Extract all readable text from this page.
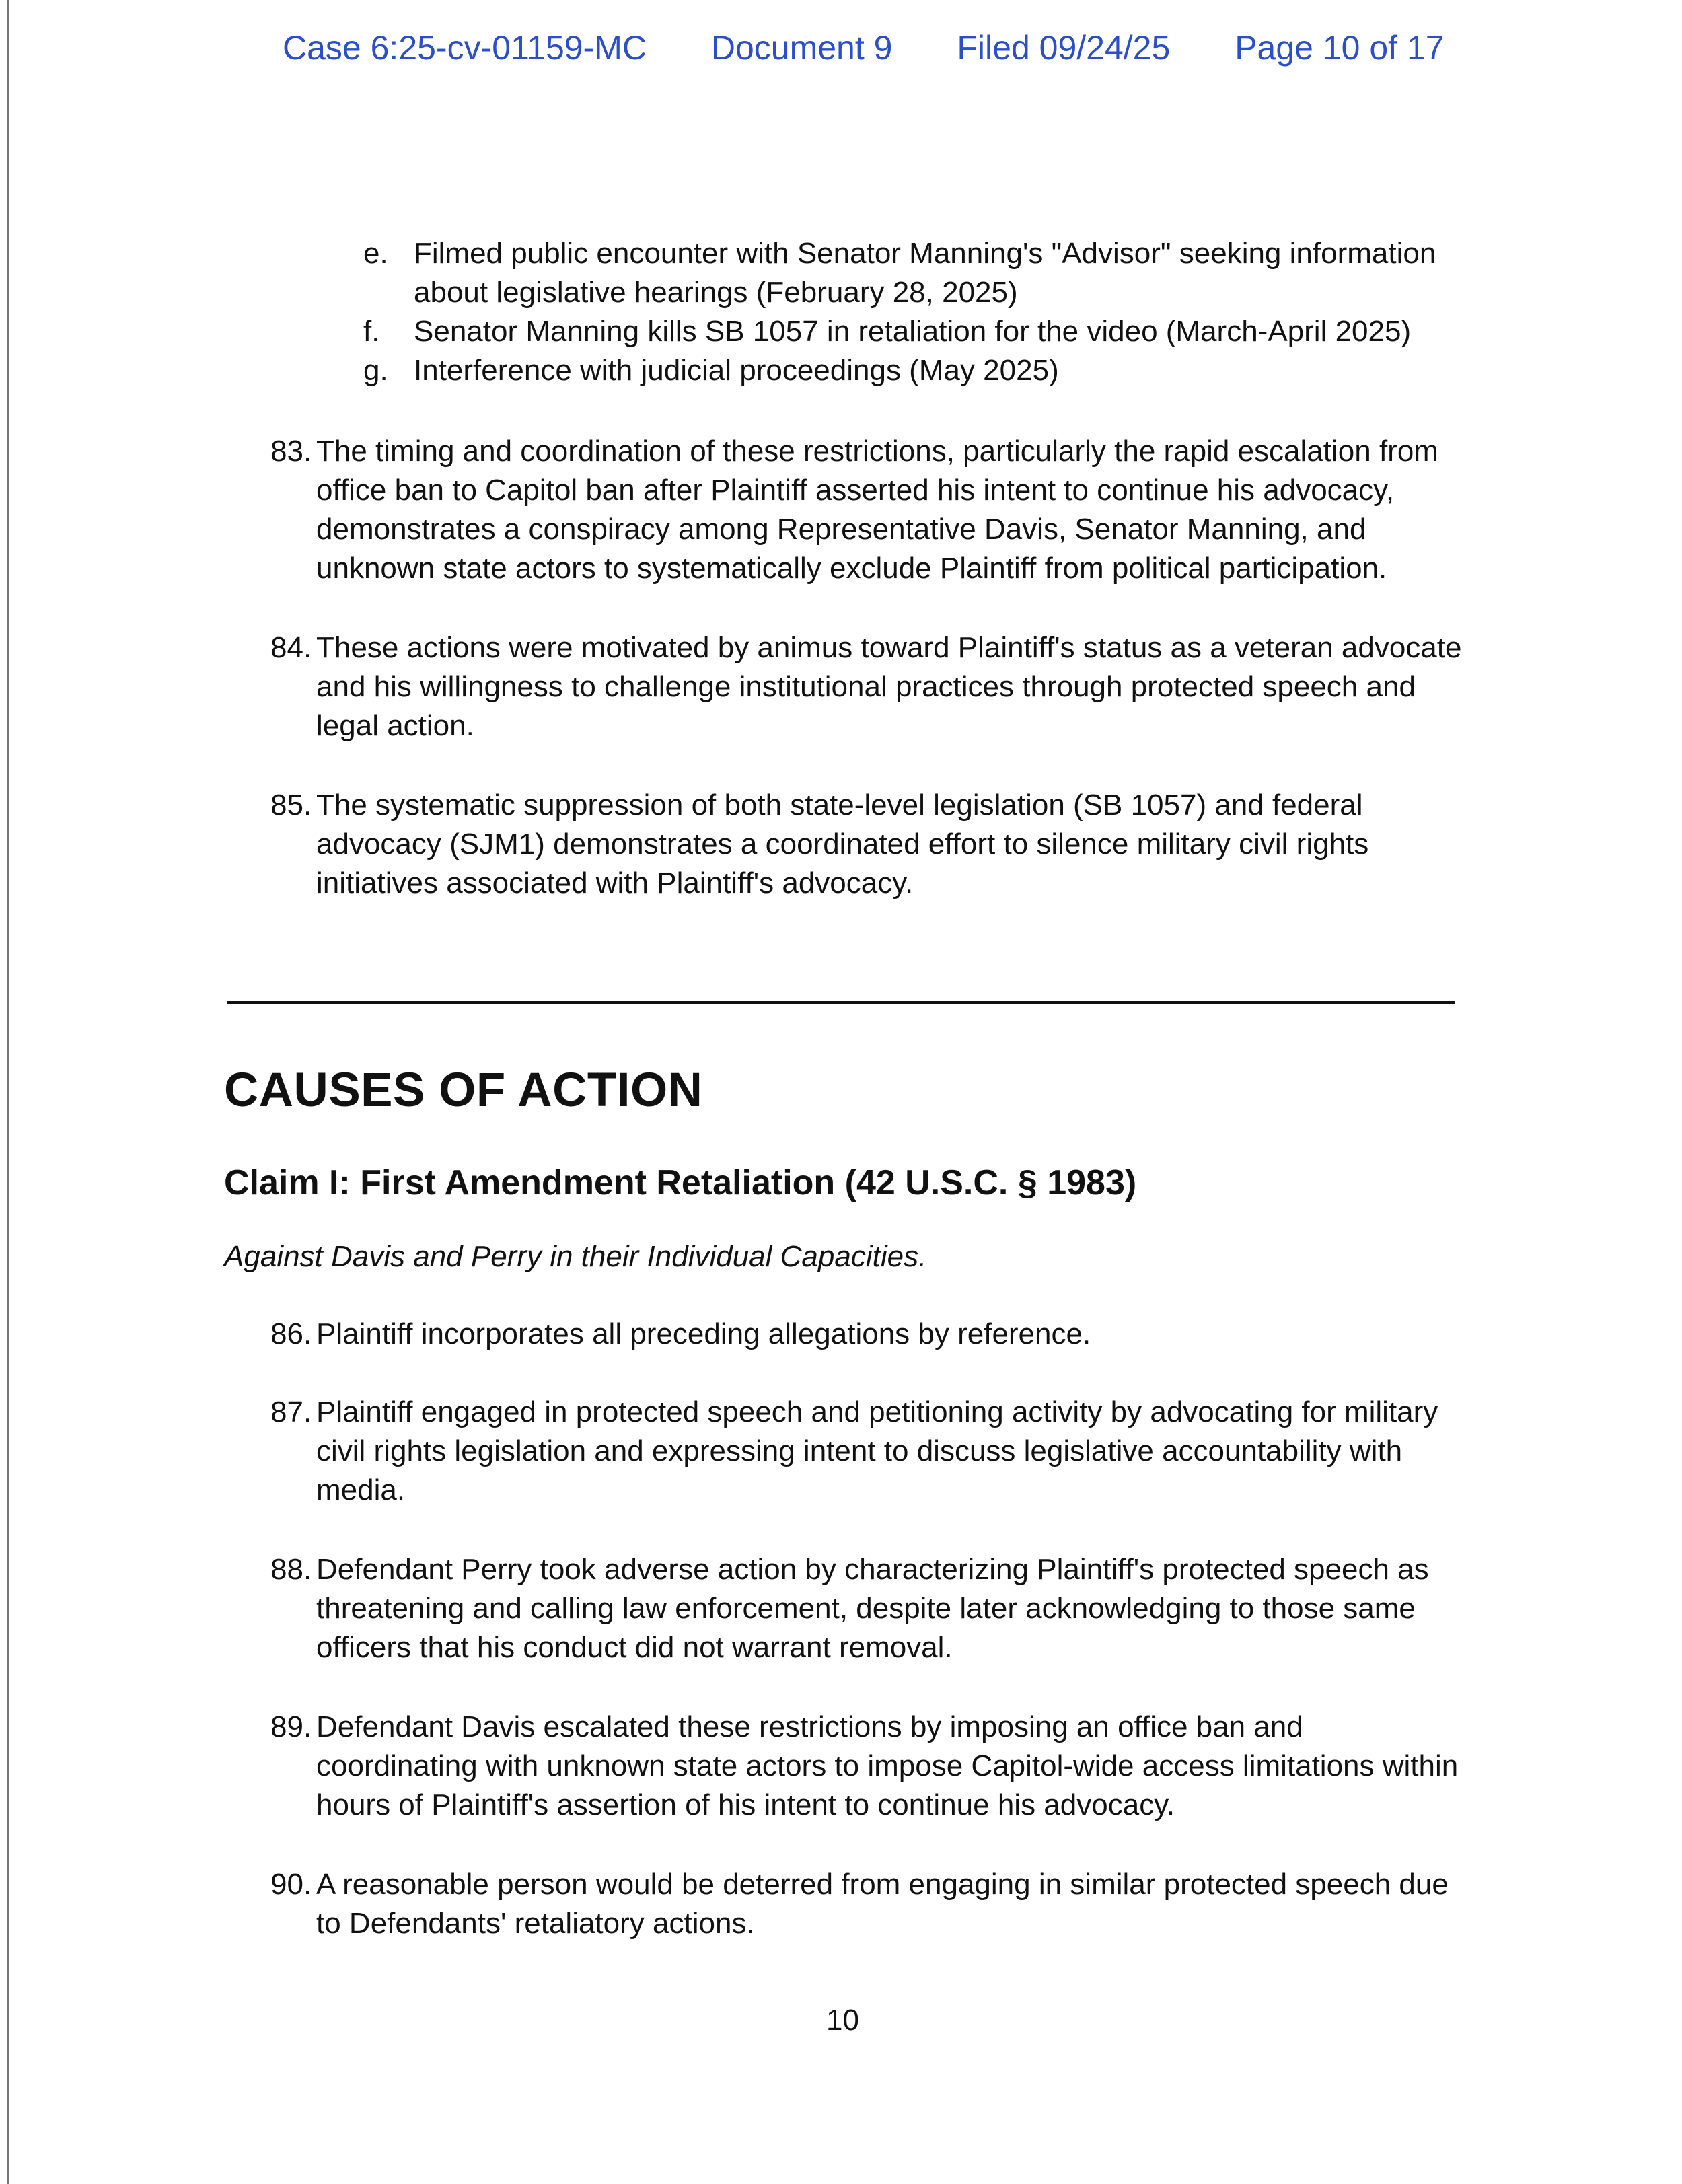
Case 6:25-cv-01159-MC Document 9 Filed 09/24/25 Page 10 of 17
e. Filmed public encounter with Senator Manning's "Advisor" seeking information about legislative hearings (February 28, 2025)
f.	Senator Manning kills SB 1057 in retaliation for the video (March-April 2025)
g. Interference with judicial proceedings (May 2025)
83. The timing and coordination of these restrictions, particularly the rapid escalation from office ban to Capitol ban after Plaintiff asserted his intent to continue his advocacy, demonstrates a conspiracy among Representative Davis, Senator Manning, and unknown state actors to systematically exclude Plaintiff from political participation.
84. These actions were motivated by animus toward Plaintiff's status as a veteran advocate and his willingness to challenge institutional practices through protected speech and legal action.
85. The systematic suppression of both state-level legislation (SB 1057) and federal advocacy (SJM1) demonstrates a coordinated effort to silence military civil rights initiatives associated with Plaintiff's advocacy.
CAUSES OF ACTION
Claim I: First Amendment Retaliation (42 U.S.C. § 1983)
Against Davis and Perry in their Individual Capacities.
86. Plaintiff incorporates all preceding allegations by reference.
87. Plaintiff engaged in protected speech and petitioning activity by advocating for military civil rights legislation and expressing intent to discuss legislative accountability with media.
88. Defendant Perry took adverse action by characterizing Plaintiff's protected speech as threatening and calling law enforcement, despite later acknowledging to those same officers that his conduct did not warrant removal.
89. Defendant Davis escalated these restrictions by imposing an office ban and coordinating with unknown state actors to impose Capitol-wide access limitations within hours of Plaintiff's assertion of his intent to continue his advocacy.
90. A reasonable person would be deterred from engaging in similar protected speech due to Defendants' retaliatory actions.
10
